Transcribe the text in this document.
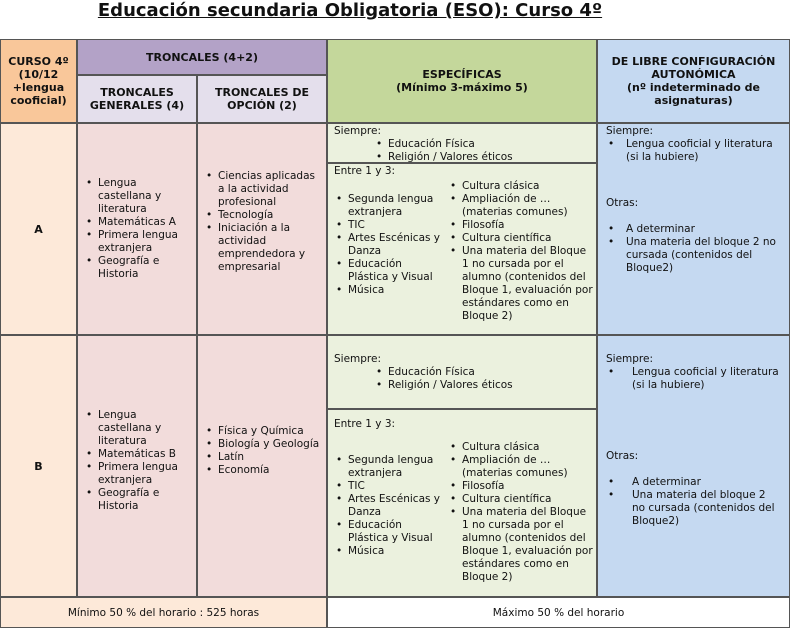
Educación secundaria Obligatoria (ESO): Curso 4º
CURSO 4º (10/12 +lengua cooficial)
TRONCALES (4+2)
TRONCALES GENERALES (4)
TRONCALES DE OPCIÓN (2)
ESPECÍFICAS
(Mínimo 3-máximo 5)
DE LIBRE CONFIGURACIÓN AUTONÓMICA
(nº indeterminado de asignaturas)
A
• Lengua castellana y literatura
• Matemáticas A
• Primera lengua extranjera
• Geografía e Historia
• Ciencias aplicadas a la actividad profesional
• Tecnología
• Iniciación a la actividad emprendedora y empresarial
Siempre:
• Educación Física
• Religión / Valores éticos
Entre 1 y 3:
• Segunda lengua extranjera
• TIC
• Artes Escénicas y Danza
• Educación Plástica y Visual
• Música
• Cultura clásica
• Ampliación de … (materias comunes)
• Filosofía
• Cultura científica
• Una materia del Bloque 1 no cursada por el alumno (contenidos del Bloque 1, evaluación por estándares como en Bloque 2)
Siempre:
• Lengua cooficial y literatura (si la hubiere)
Otras:
• A determinar
• Una materia del bloque 2 no cursada (contenidos del Bloque2)
B
• Lengua castellana y literatura
• Matemáticas B
• Primera lengua extranjera
• Geografía e Historia
• Física y Química
• Biología y Geología
• Latín
• Economía
Siempre:
• Educación Física
• Religión / Valores éticos
Entre 1 y 3:
• Segunda lengua extranjera
• TIC
• Artes Escénicas y Danza
• Educación Plástica y Visual
• Música
• Cultura clásica
• Ampliación de … (materias comunes)
• Filosofía
• Cultura científica
• Una materia del Bloque 1 no cursada por el alumno (contenidos del Bloque 1, evaluación por estándares como en Bloque 2)
Siempre:
• Lengua cooficial y literatura (si la hubiere)
Otras:
• A determinar
• Una materia del bloque 2 no cursada (contenidos del Bloque2)
Mínimo 50 % del horario : 525 horas	Máximo 50 % del horario
